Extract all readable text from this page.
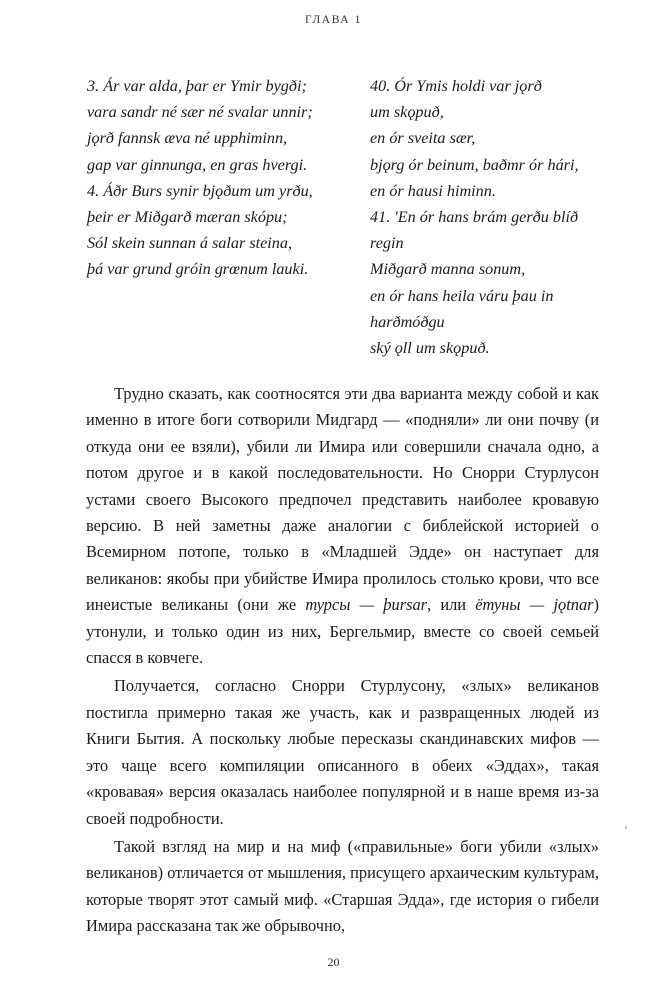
ГЛАВА 1
3. Ár var alda, þar er Ymir bygði;
vara sandr né sær né svalar unnir;
jǫrð fannsk æva né upphiminn,
gap var ginnunga, en gras hvergi.
4. Áðr Burs synir bjǫðum um yrðu,
þeir er Miðgarð mæran skópu;
Sól skein sunnan á salar steina,
þá var grund gróin grœnum lauki.
40. Ór Ymis holdi var jǫrð
um skǫpuð,
en ór sveita sær,
bjǫrg ór beinum, baðmr ór hári,
en ór hausi himinn.
41. 'En ór hans brám gerðu blíð
regin
Miðgarð manna sonum,
en ór hans heila váru þau in
harðmóðgu
ský ǫll um skǫpuð.

Трудно сказать, как соотносятся эти два варианта между собой и как именно в итоге боги сотворили Мидгард — «подняли» ли они почву (и откуда они ее взяли), убили ли Имира или совершили сначала одно, а потом другое и в какой последовательности. Но Снорри Стурлусон устами своего Высокого предпочел представить наиболее кровавую версию. В ней заметны даже аналогии с библейской историей о Всемирном потопе, только в «Младшей Эдде» он наступает для великанов: якобы при убийстве Имира пролилось столько крови, что все инеистые великаны (они же турсы — þursar, или ётуны — jǫtnar) утонули, и только один из них, Бергельмир, вместе со своей семьей спасся в ковчеге.

Получается, согласно Снорри Стурлусону, «злых» великанов постигла примерно такая же участь, как и развращенных людей из Книги Бытия. А поскольку любые пересказы скандинавских мифов — это чаще всего компиляции описанного в обеих «Эддах», такая «кровавая» версия оказалась наиболее популярной и в наше время из-за своей подробности.

Такой взгляд на мир и на миф («правильные» боги убили «злых» великанов) отличается от мышления, присущего архаическим культурам, которые творят этот самый миф. «Старшая Эдда», где история о гибели Имира рассказана так же обрывочно,

20
